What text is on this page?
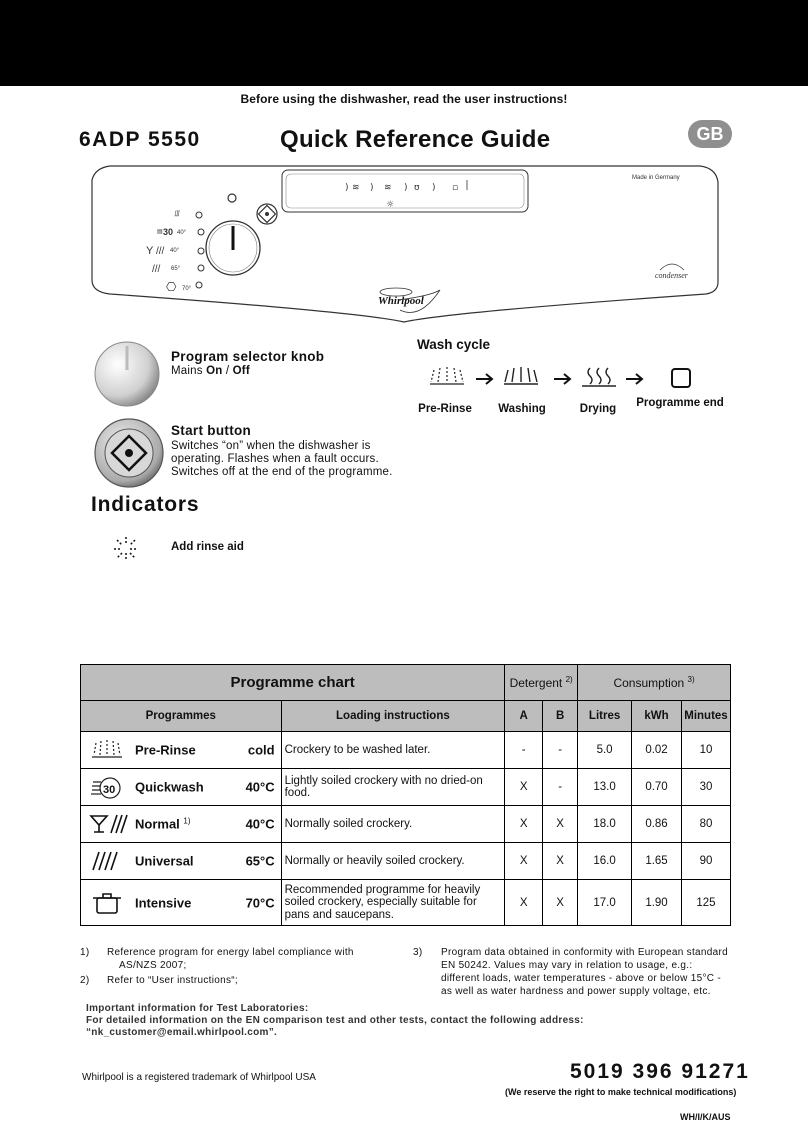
Before using the dishwasher, read the user instructions!
6ADP 5550	Quick Reference Guide	GB
) ≋ ) ≋ ) ʊ ) ▫
☼
∭
▤ 30 40°
Y /// 40°
/// 65°
⎔ 70°
Made in Germany
condenser
Whirlpool
Program selector knob
Mains On / Off
Start button
Switches “on” when the dishwasher is
operating. Flashes when a fault occurs.
Switches off at the end of the programme.
Wash cycle
Pre-Rinse	Washing	Drying	Programme end
Indicators
Add rinse aid
Programme chart		Detergent $^{2)}$		Consumption $^{3)}$
Programmes	Loading instructions	A	B	Litres	kWh	Minutes

Pre-Rinse cold	Crockery to be washed later.	-	-	5.0	0.02	10

30 Quickwash 40°C	Lightly soiled crockery with no dried-on food.	X	-	13.0	0.70	30

Normal $^{1)}$ 40°C	Normally soiled crockery.	X	X	18.0	0.86	80

Universal 65°C	Normally or heavily soiled crockery.	X	X	16.0	1.65	90

Intensive 70°C	Recommended programme for heavily soiled crockery, especially suitable for pans and saucepans.	X	X	17.0	1.90	125
1) Reference program for energy label compliance with
AS/NZS 2007;
2) Refer to “User instructions“;
3) Program data obtained in conformity with European standard
EN 50242. Values may vary in relation to usage, e.g.:
different loads, water temperatures - above or below 15°C -
as well as water hardness and power supply voltage, etc.
Important information for Test Laboratories:
For detailed information on the EN comparison test and other tests, contact the following address:
“nk_customer@email.whirlpool.com”.
Whirlpool is a registered trademark of Whirlpool USA	5019 396 91271
(We reserve the right to make technical modifications)
WH/I/K/AUS
